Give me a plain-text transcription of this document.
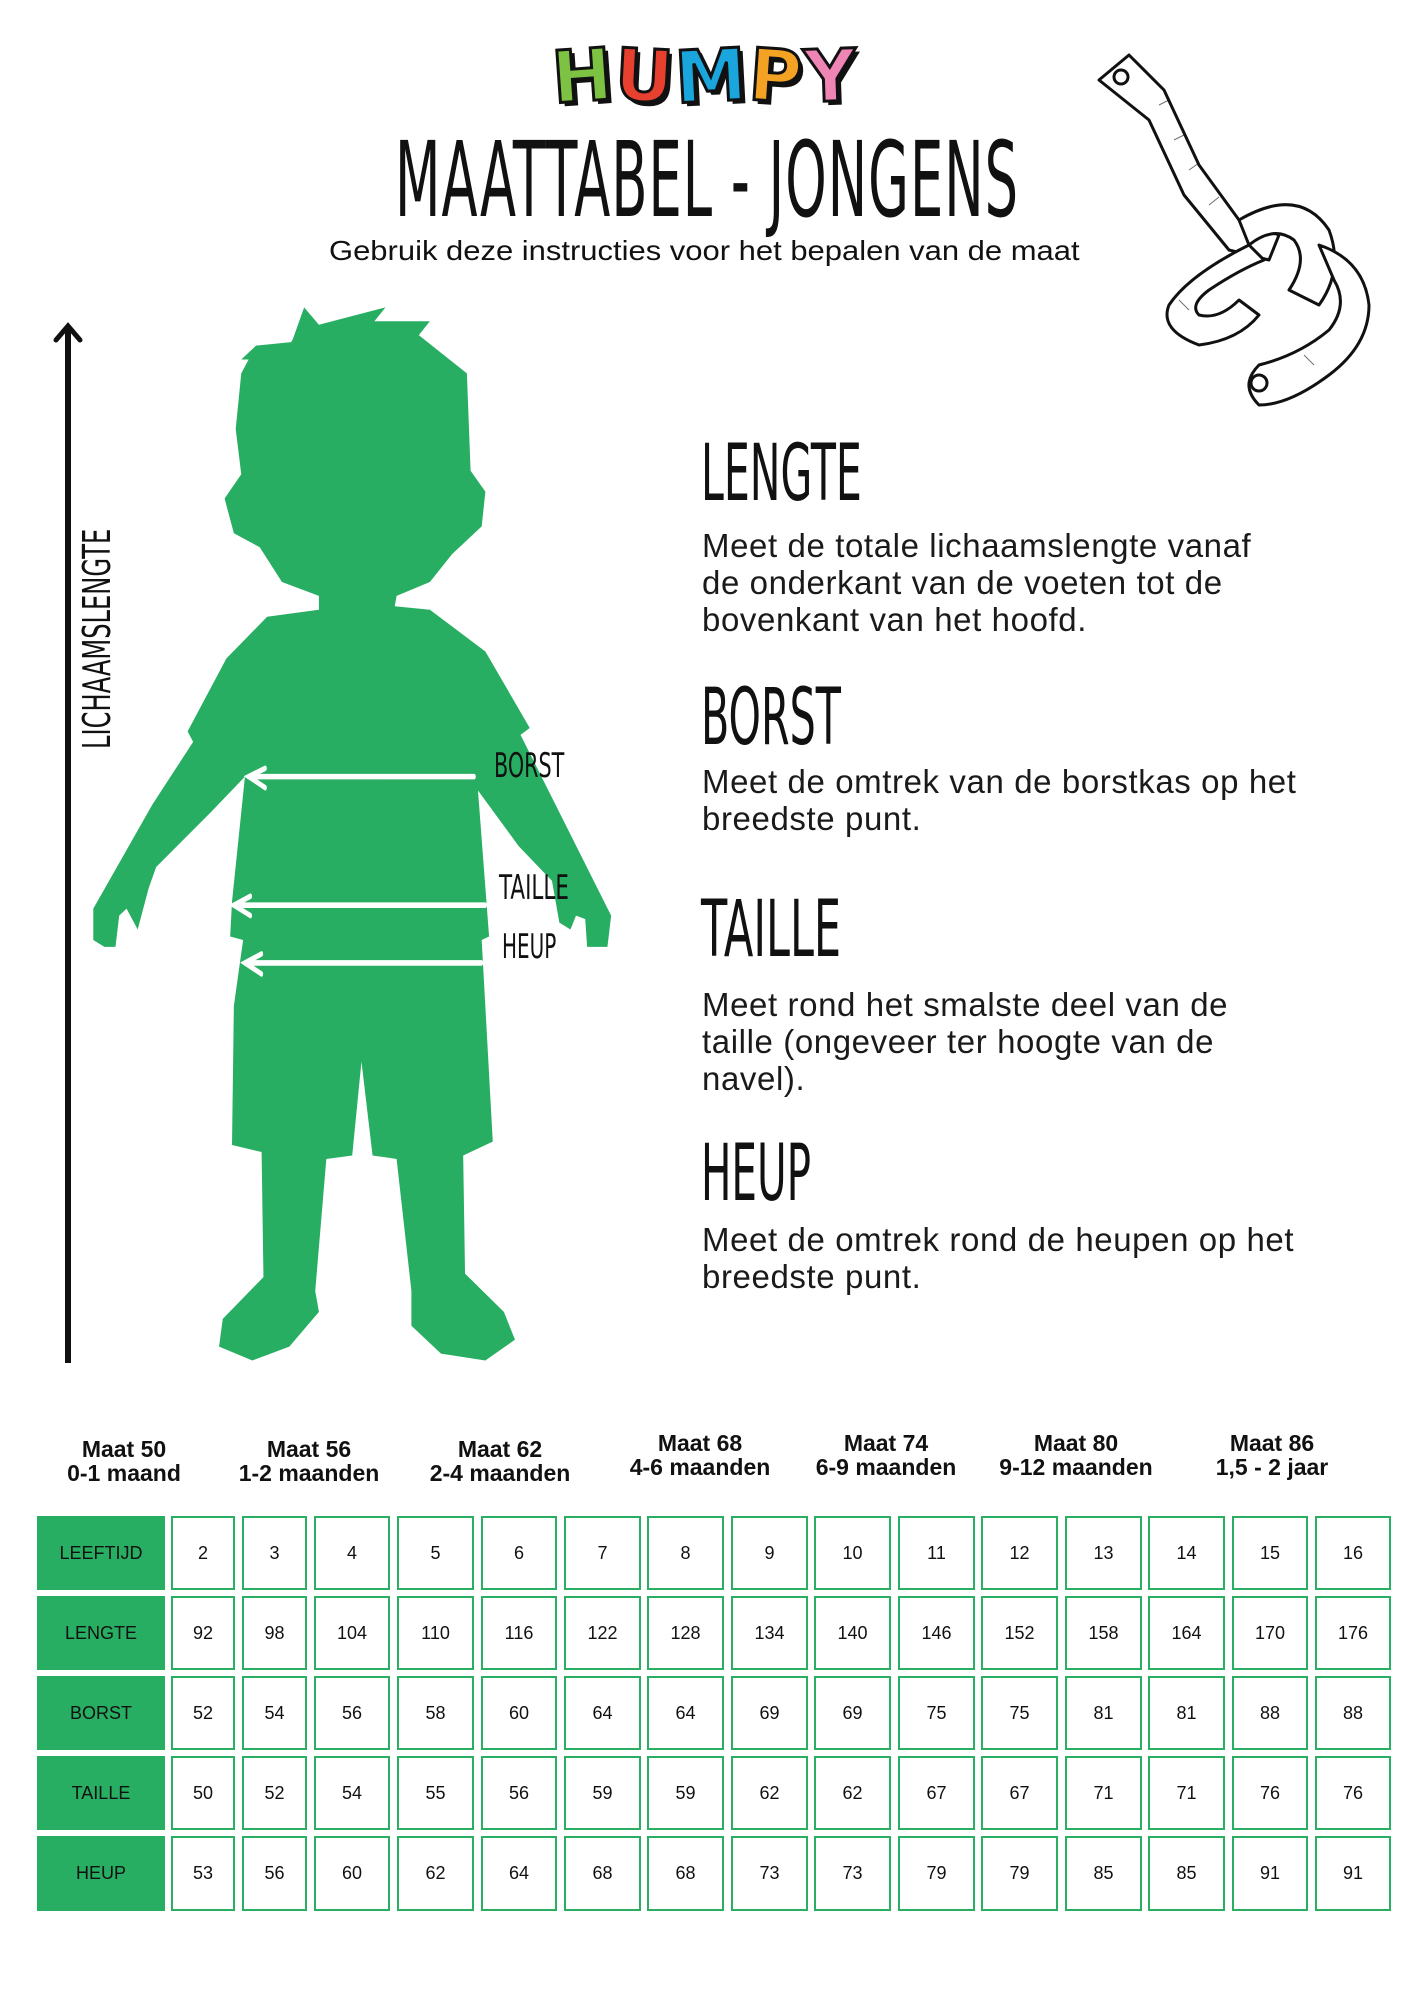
H
U
M
P
Y
MAATTABEL - JONGENS
Gebruik deze instructies voor het bepalen van de maat
LICHAAMSLENGTE
BORST
TAILLE
HEUP
LENGTE
Meet de totale lichaamslengte vanaf
de onderkant van de voeten tot de
bovenkant van het hoofd.
BORST
Meet de omtrek van de borstkas op het
breedste punt.
TAILLE
Meet rond het smalste deel van de
taille (ongeveer ter hoogte van de
navel).
HEUP
Meet de omtrek rond de heupen op het
breedste punt.
Maat 50
0-1 maand
Maat 56
1-2 maanden
Maat 62
2-4 maanden
Maat 68
4-6 maanden
Maat 74
6-9 maanden
Maat 80
9-12 maanden
Maat 86
1,5 - 2 jaar
LEEFTIJD	2	3	4	5	6	7	8	9	10	11	12	13	14	15	16
LENGTE	92	98	104	110	116	122	128	134	140	146	152	158	164	170	176
BORST	52	54	56	58	60	64	64	69	69	75	75	81	81	88	88
TAILLE	50	52	54	55	56	59	59	62	62	67	67	71	71	76	76
HEUP	53	56	60	62	64	68	68	73	73	79	79	85	85	91	91
